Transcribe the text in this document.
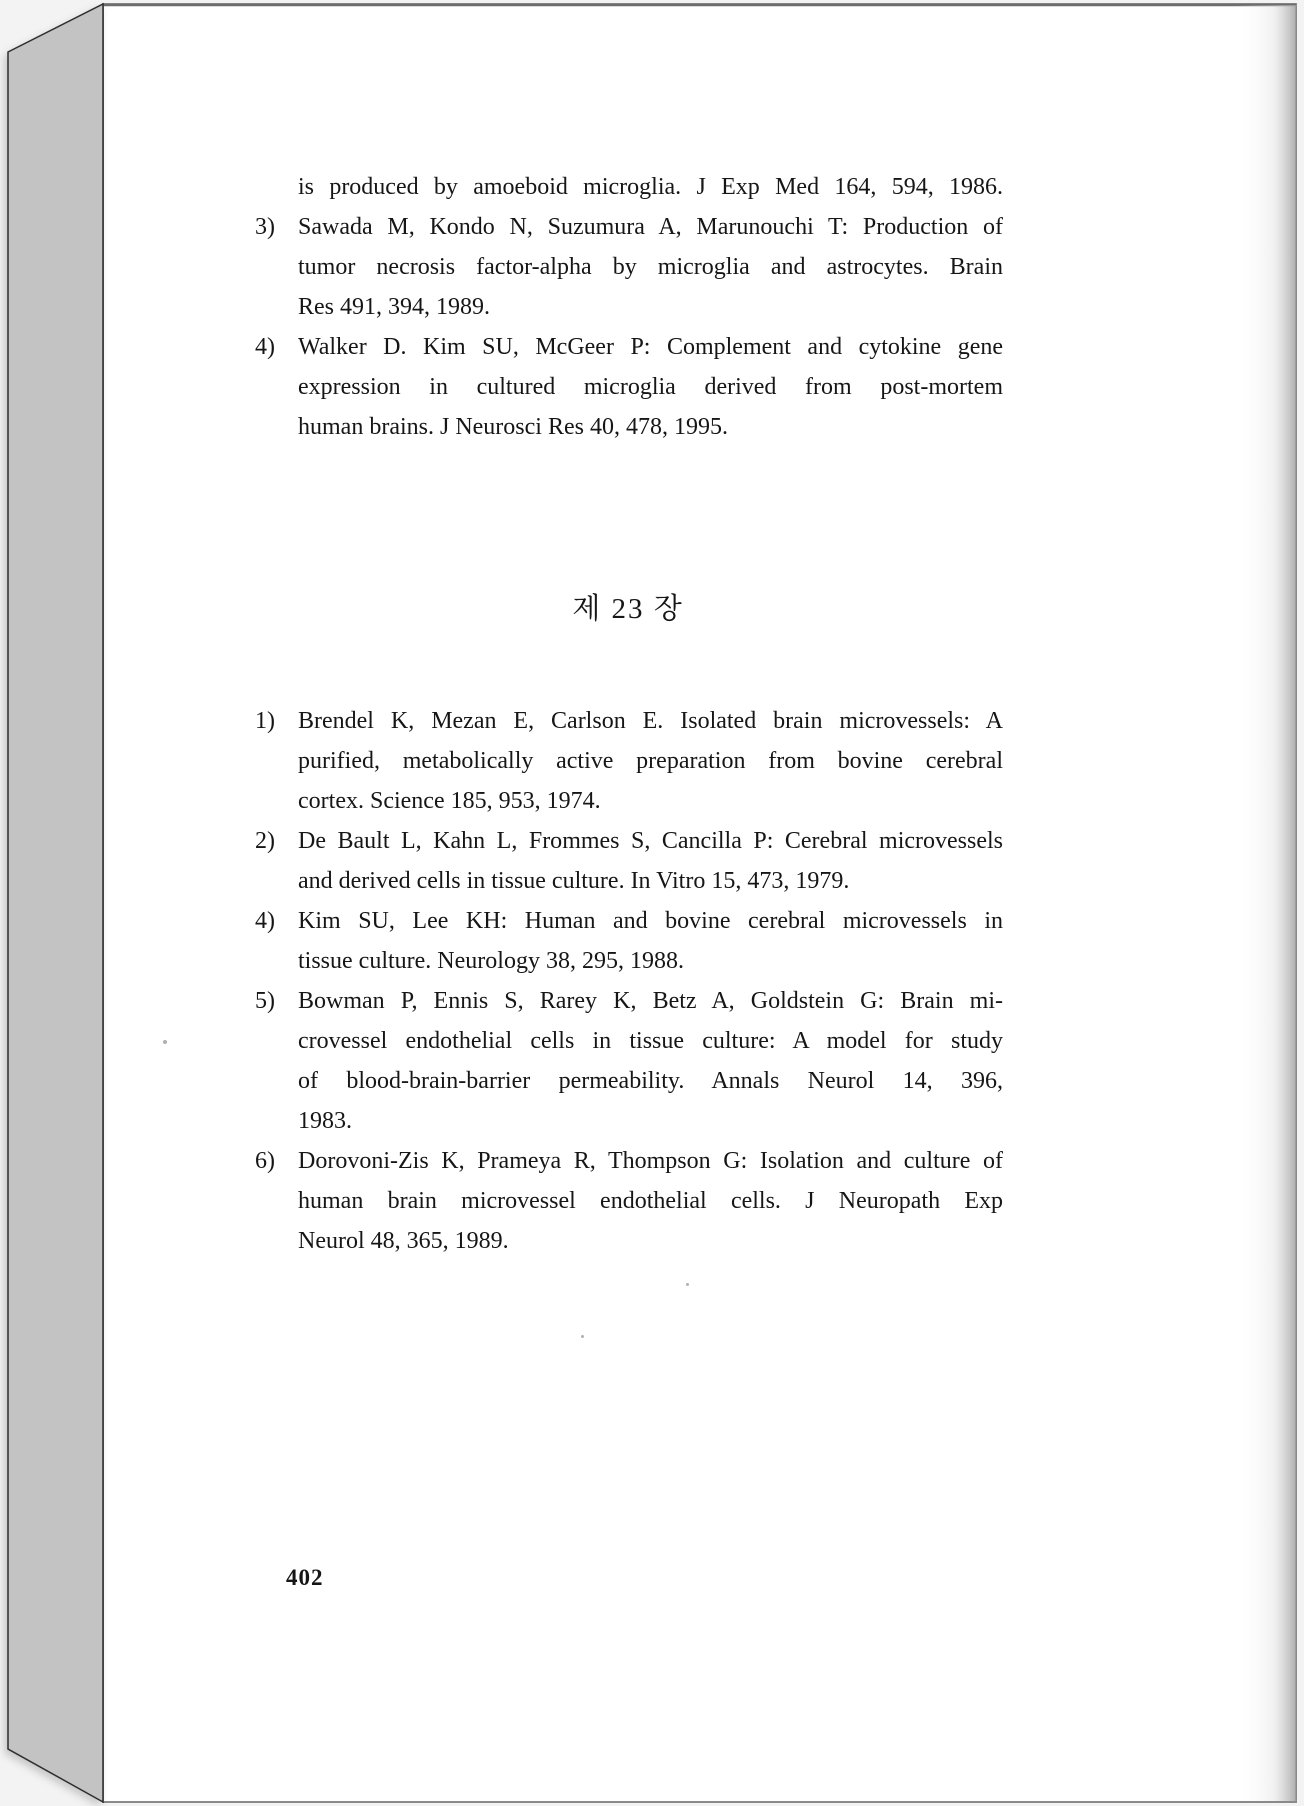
is produced by amoeboid microglia. J Exp Med 164, 594, 1986.
Sawada M, Kondo N, Suzumura A, Marunouchi T: Production of
3)
tumor necrosis factor-alpha by microglia and astrocytes. Brain
Res 491, 394, 1989.
Walker D. Kim SU, McGeer P: Complement and cytokine gene
4)
expression in cultured microglia derived from post-mortem
human brains. J Neurosci Res 40, 478, 1995.
제 23 장
Brendel K, Mezan E, Carlson E. Isolated brain microvessels: A
1)
purified, metabolically active preparation from bovine cerebral
cortex. Science 185, 953, 1974.
De Bault L, Kahn L, Frommes S, Cancilla P: Cerebral microvessels
2)
and derived cells in tissue culture. In Vitro 15, 473, 1979.
Kim SU, Lee KH: Human and bovine cerebral microvessels in
4)
tissue culture. Neurology 38, 295, 1988.
Bowman P, Ennis S, Rarey K, Betz A, Goldstein G: Brain mi-
5)
crovessel endothelial cells in tissue culture: A model for study
of blood-brain-barrier permeability. Annals Neurol 14, 396,
1983.
Dorovoni-Zis K, Prameya R, Thompson G: Isolation and culture of
6)
human brain microvessel endothelial cells. J Neuropath Exp
Neurol 48, 365, 1989.
402
